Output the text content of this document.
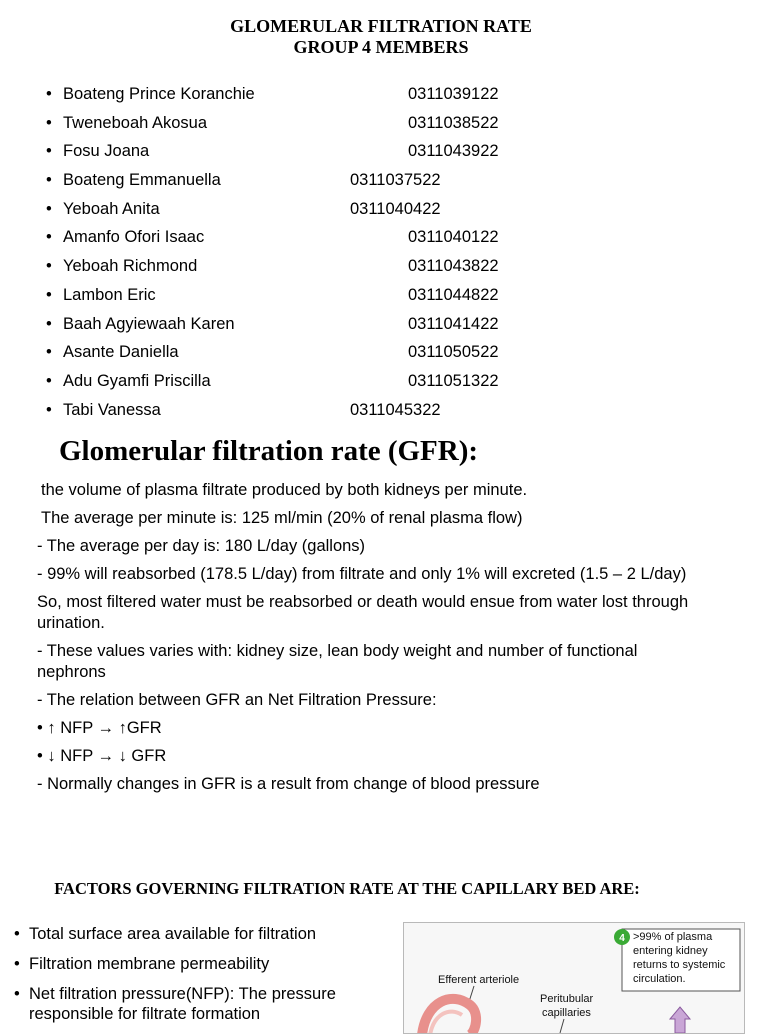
GLOMERULAR FILTRATION RATE
GROUP 4 MEMBERS
• Boateng Prince Koranchie	0311039122
• Tweneboah Akosua	0311038522
• Fosu Joana	0311043922
• Boateng Emmanuella	0311037522
• Yeboah Anita	0311040422
• Amanfo Ofori Isaac	0311040122
• Yeboah Richmond	0311043822
• Lambon Eric	0311044822
• Baah Agyiewaah Karen	0311041422
• Asante Daniella	0311050522
• Adu Gyamfi Priscilla	0311051322
• Tabi Vanessa	0311045322
Glomerular filtration rate (GFR):

the volume of plasma filtrate produced by both kidneys per minute.

The average per minute is: 125 ml/min (20% of renal plasma flow)

- The average per day is: 180 L/day (gallons)

- 99% will reabsorbed (178.5 L/day) from filtrate and only 1% will excreted (1.5 – 2 L/day)

So, most filtered water must be reabsorbed or death would ensue from water lost through urination.

- These values varies with: kidney size, lean body weight and number of functional nephrons

- The relation between GFR an Net Filtration Pressure:

• ↑ NFP → ↑GFR

• ↓ NFP → ↓ GFR

- Normally changes in GFR is a result from change of blood pressure

FACTORS GOVERNING FILTRATION RATE AT THE CAPILLARY BED ARE:
• Total surface area available for filtration
• Filtration membrane permeability
• Net filtration pressure(NFP): The pressure responsible for filtrate formation
4 >99% of plasma
entering kidney
returns to systemic
circulation.
Efferent arteriole
Peritubular
capillaries
